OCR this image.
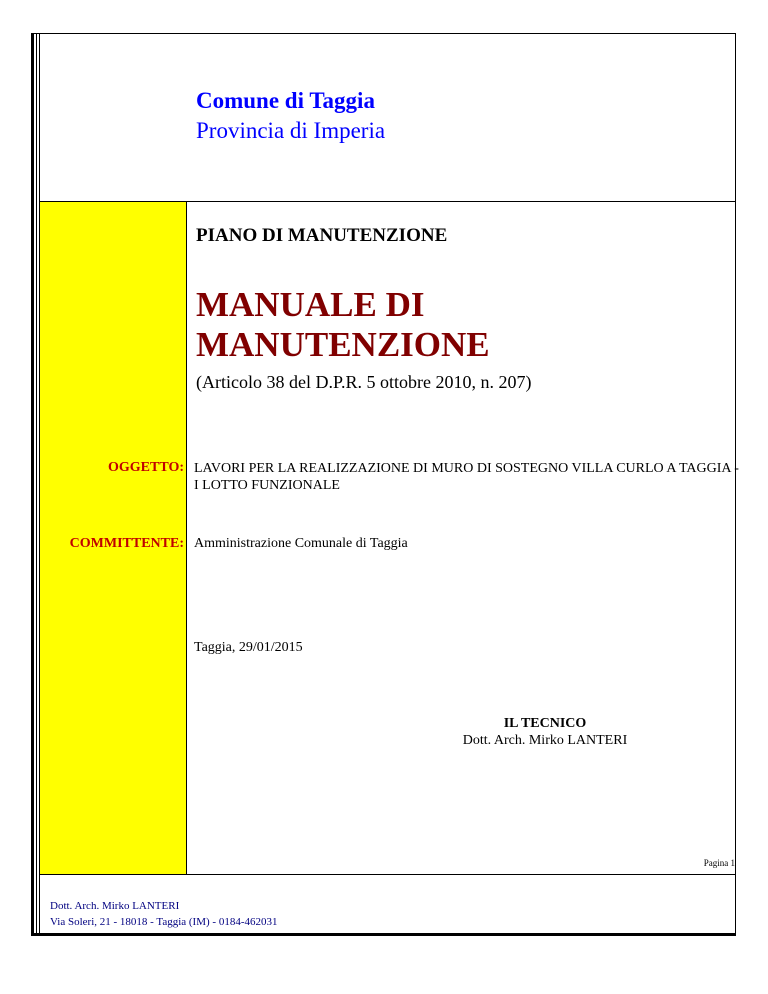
Comune di Taggia
Provincia di Imperia
PIANO DI MANUTENZIONE
MANUALE DI
MANUTENZIONE
(Articolo 38 del D.P.R. 5 ottobre 2010, n. 207)
OGGETTO: LAVORI PER LA REALIZZAZIONE DI MURO DI SOSTEGNO VILLA CURLO A TAGGIA - I LOTTO FUNZIONALE
COMMITTENTE: Amministrazione Comunale di Taggia
Taggia, 29/01/2015
IL TECNICO
Dott. Arch. Mirko LANTERI
Pagina 1
Dott. Arch. Mirko LANTERI
Via Soleri, 21 - 18018 - Taggia (IM) - 0184-462031
